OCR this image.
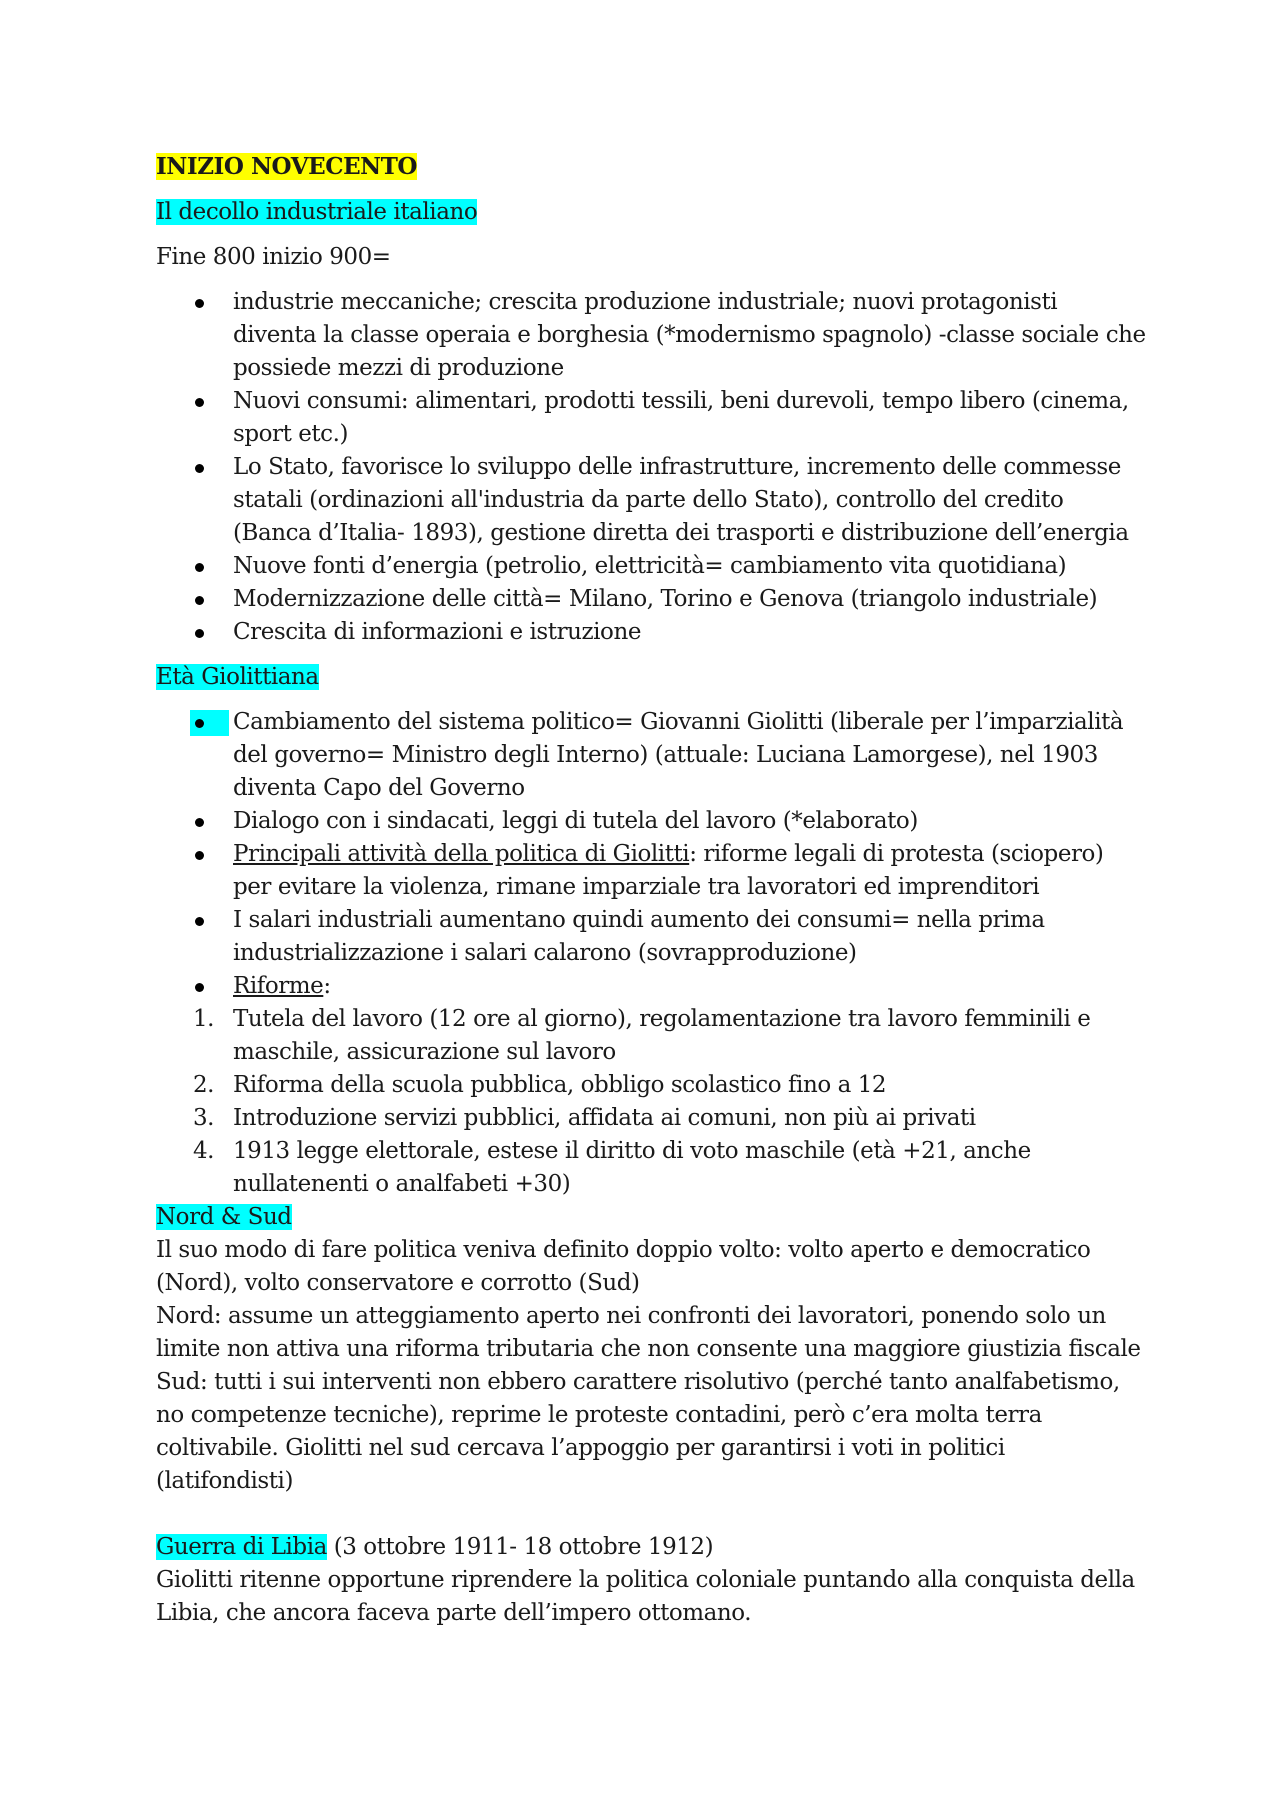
INIZIO NOVECENTO

Il decollo industriale italiano

Fine 800 inizio 900=

industrie meccaniche; crescita produzione industriale; nuovi protagonisti diventa la classe operaia e borghesia (*modernismo spagnolo) -classe sociale che possiede mezzi di produzione
Nuovi consumi: alimentari, prodotti tessili, beni durevoli, tempo libero (cinema, sport etc.)
Lo Stato, favorisce lo sviluppo delle infrastrutture, incremento delle commesse statali (ordinazioni all'industria da parte dello Stato), controllo del credito (Banca d’Italia- 1893), gestione diretta dei trasporti e distribuzione dell’energia
Nuove fonti d’energia (petrolio, elettricità= cambiamento vita quotidiana)
Modernizzazione delle città= Milano, Torino e Genova (triangolo industriale)
Crescita di informazioni e istruzione

Età Giolittiana

Cambiamento del sistema politico= Giovanni Giolitti (liberale per l’imparzialità del governo= Ministro degli Interno) (attuale: Luciana Lamorgese), nel 1903 diventa Capo del Governo
Dialogo con i sindacati, leggi di tutela del lavoro (*elaborato)
Principali attività della politica di Giolitti: riforme legali di protesta (sciopero) per evitare la violenza, rimane imparziale tra lavoratori ed imprenditori
I salari industriali aumentano quindi aumento dei consumi= nella prima industrializzazione i salari calarono (sovrapproduzione)
Riforme:
1. Tutela del lavoro (12 ore al giorno), regolamentazione tra lavoro femminili e maschile, assicurazione sul lavoro
2. Riforma della scuola pubblica, obbligo scolastico fino a 12
3. Introduzione servizi pubblici, affidata ai comuni, non più ai privati
4. 1913 legge elettorale, estese il diritto di voto maschile (età +21, anche nullatenenti o analfabeti +30)

Nord & Sud

Il suo modo di fare politica veniva definito doppio volto: volto aperto e democratico (Nord), volto conservatore e corrotto (Sud)

Nord: assume un atteggiamento aperto nei confronti dei lavoratori, ponendo solo un limite non attiva una riforma tributaria che non consente una maggiore giustizia fiscale

Sud: tutti i sui interventi non ebbero carattere risolutivo (perché tanto analfabetismo, no competenze tecniche), reprime le proteste contadini, però c’era molta terra coltivabile. Giolitti nel sud cercava l’appoggio per garantirsi i voti in politici (latifondisti)

Guerra di Libia (3 ottobre 1911- 18 ottobre 1912)

Giolitti ritenne opportune riprendere la politica coloniale puntando alla conquista della Libia, che ancora faceva parte dell’impero ottomano.
